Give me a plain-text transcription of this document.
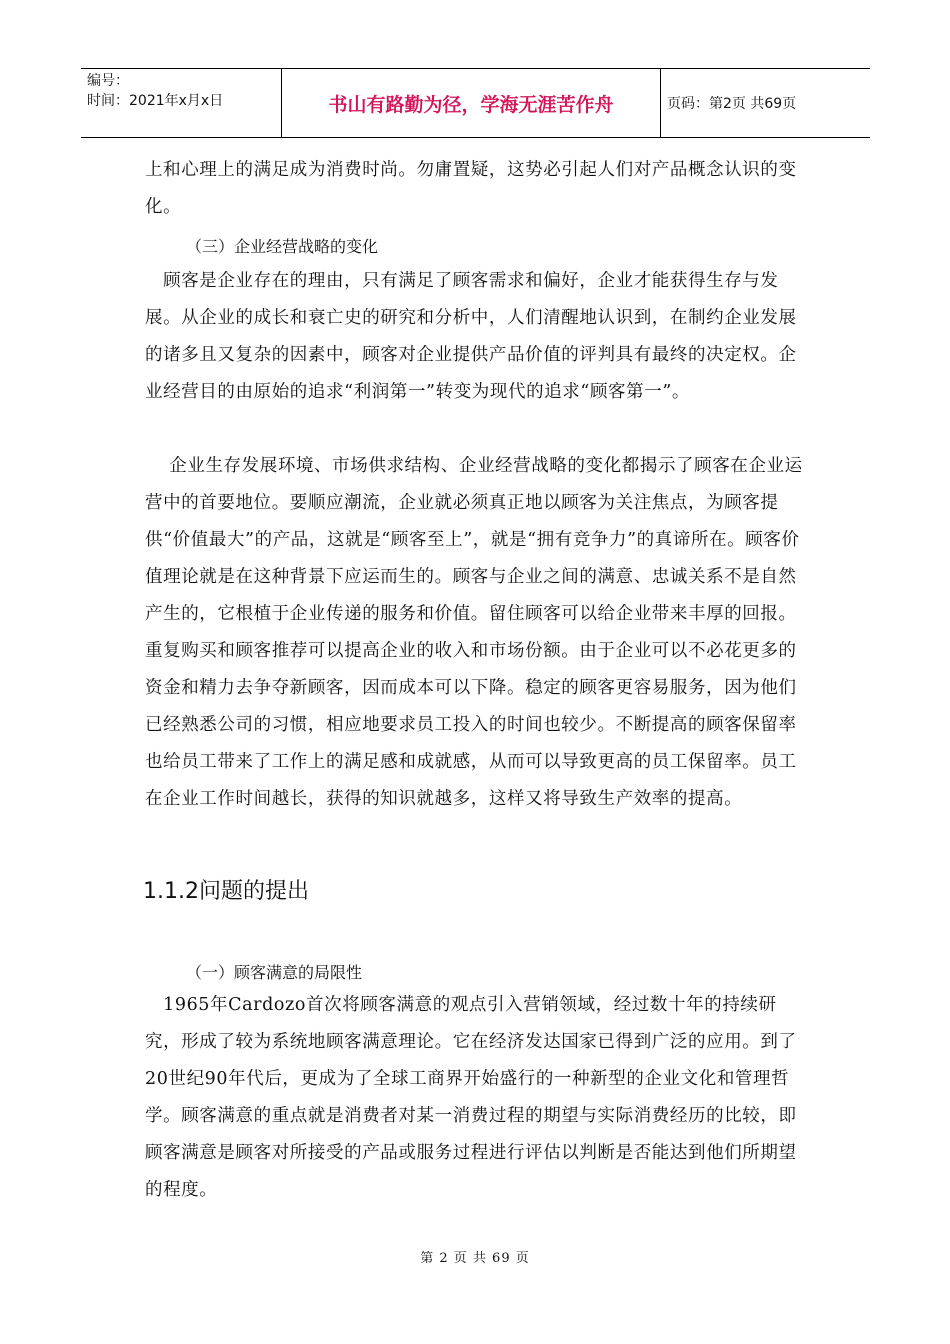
编号：
时间：2021年x月x日	书山有路勤为径，学海无涯苦作舟	页码：第2页 共69页

上和心理上的满足成为消费时尚。勿庸置疑，这势必引起人们对产品概念认识的变化。

（三）企业经营战略的变化

　顾客是企业存在的理由，只有满足了顾客需求和偏好，企业才能获得生存与发展。从企业的成长和衰亡史的研究和分析中，人们清醒地认识到，在制约企业发展的诸多且又复杂的因素中，顾客对企业提供产品价值的评判具有最终的决定权。企业经营目的由原始的追求“利润第一”转变为现代的追求“顾客第一”。

　 企业生存发展环境、市场供求结构、企业经营战略的变化都揭示了顾客在企业运营中的首要地位。要顺应潮流，企业就必须真正地以顾客为关注焦点，为顾客提供“价值最大”的产品，这就是“顾客至上”，就是“拥有竞争力”的真谛所在。顾客价值理论就是在这种背景下应运而生的。顾客与企业之间的满意、忠诚关系不是自然产生的，它根植于企业传递的服务和价值。留住顾客可以给企业带来丰厚的回报。重复购买和顾客推荐可以提高企业的收入和市场份额。由于企业可以不必花更多的资金和精力去争夺新顾客，因而成本可以下降。稳定的顾客更容易服务，因为他们已经熟悉公司的习惯，相应地要求员工投入的时间也较少。不断提高的顾客保留率也给员工带来了工作上的满足感和成就感，从而可以导致更高的员工保留率。员工在企业工作时间越长，获得的知识就越多，这样又将导致生产效率的提高。

1.1.2问题的提出
（一）顾客满意的局限性

　1965年Cardozo首次将顾客满意的观点引入营销领域，经过数十年的持续研究，形成了较为系统地顾客满意理论。它在经济发达国家已得到广泛的应用。到了20世纪90年代后，更成为了全球工商界开始盛行的一种新型的企业文化和管理哲学。顾客满意的重点就是消费者对某一消费过程的期望与实际消费经历的比较，即顾客满意是顾客对所接受的产品或服务过程进行评估以判断是否能达到他们所期望的程度。

第 2 页 共 69 页
